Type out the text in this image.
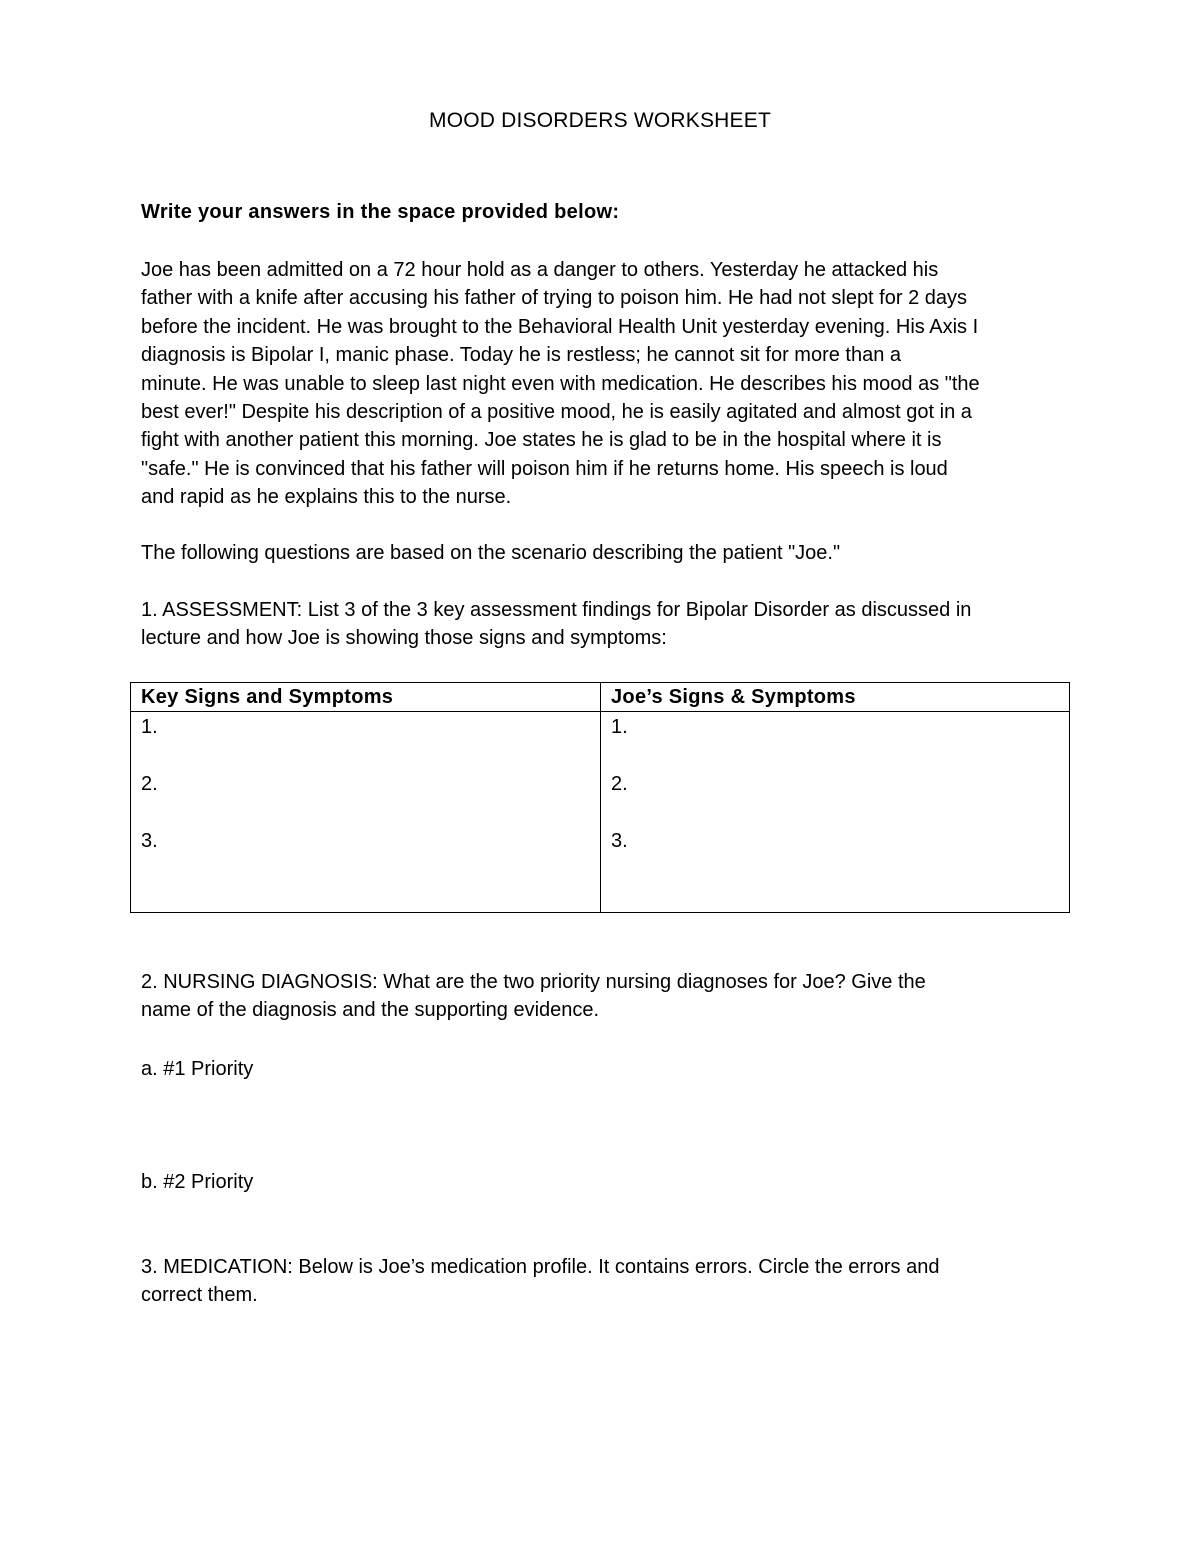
MOOD DISORDERS WORKSHEET
Write your answers in the space provided below:
Joe has been admitted on a 72 hour hold as a danger to others. Yesterday he attacked his
father with a knife after accusing his father of trying to poison him. He had not slept for 2 days
before the incident. He was brought to the Behavioral Health Unit yesterday evening. His Axis I
diagnosis is Bipolar I, manic phase. Today he is restless; he cannot sit for more than a
minute. He was unable to sleep last night even with medication. He describes his mood as "the
best ever!" Despite his description of a positive mood, he is easily agitated and almost got in a
fight with another patient this morning. Joe states he is glad to be in the hospital where it is
"safe." He is convinced that his father will poison him if he returns home. His speech is loud
and rapid as he explains this to the nurse.
The following questions are based on the scenario describing the patient "Joe."
1. ASSESSMENT: List 3 of the 3 key assessment findings for Bipolar Disorder as discussed in
lecture and how Joe is showing those signs and symptoms:
Key Signs and Symptoms	Joe’s Signs & Symptoms

1.
2.
3.	1.
2.
3.
2. NURSING DIAGNOSIS: What are the two priority nursing diagnoses for Joe? Give the
name of the diagnosis and the supporting evidence.
a. #1 Priority
b. #2 Priority
3. MEDICATION: Below is Joe’s medication profile. It contains errors. Circle the errors and
correct them.
